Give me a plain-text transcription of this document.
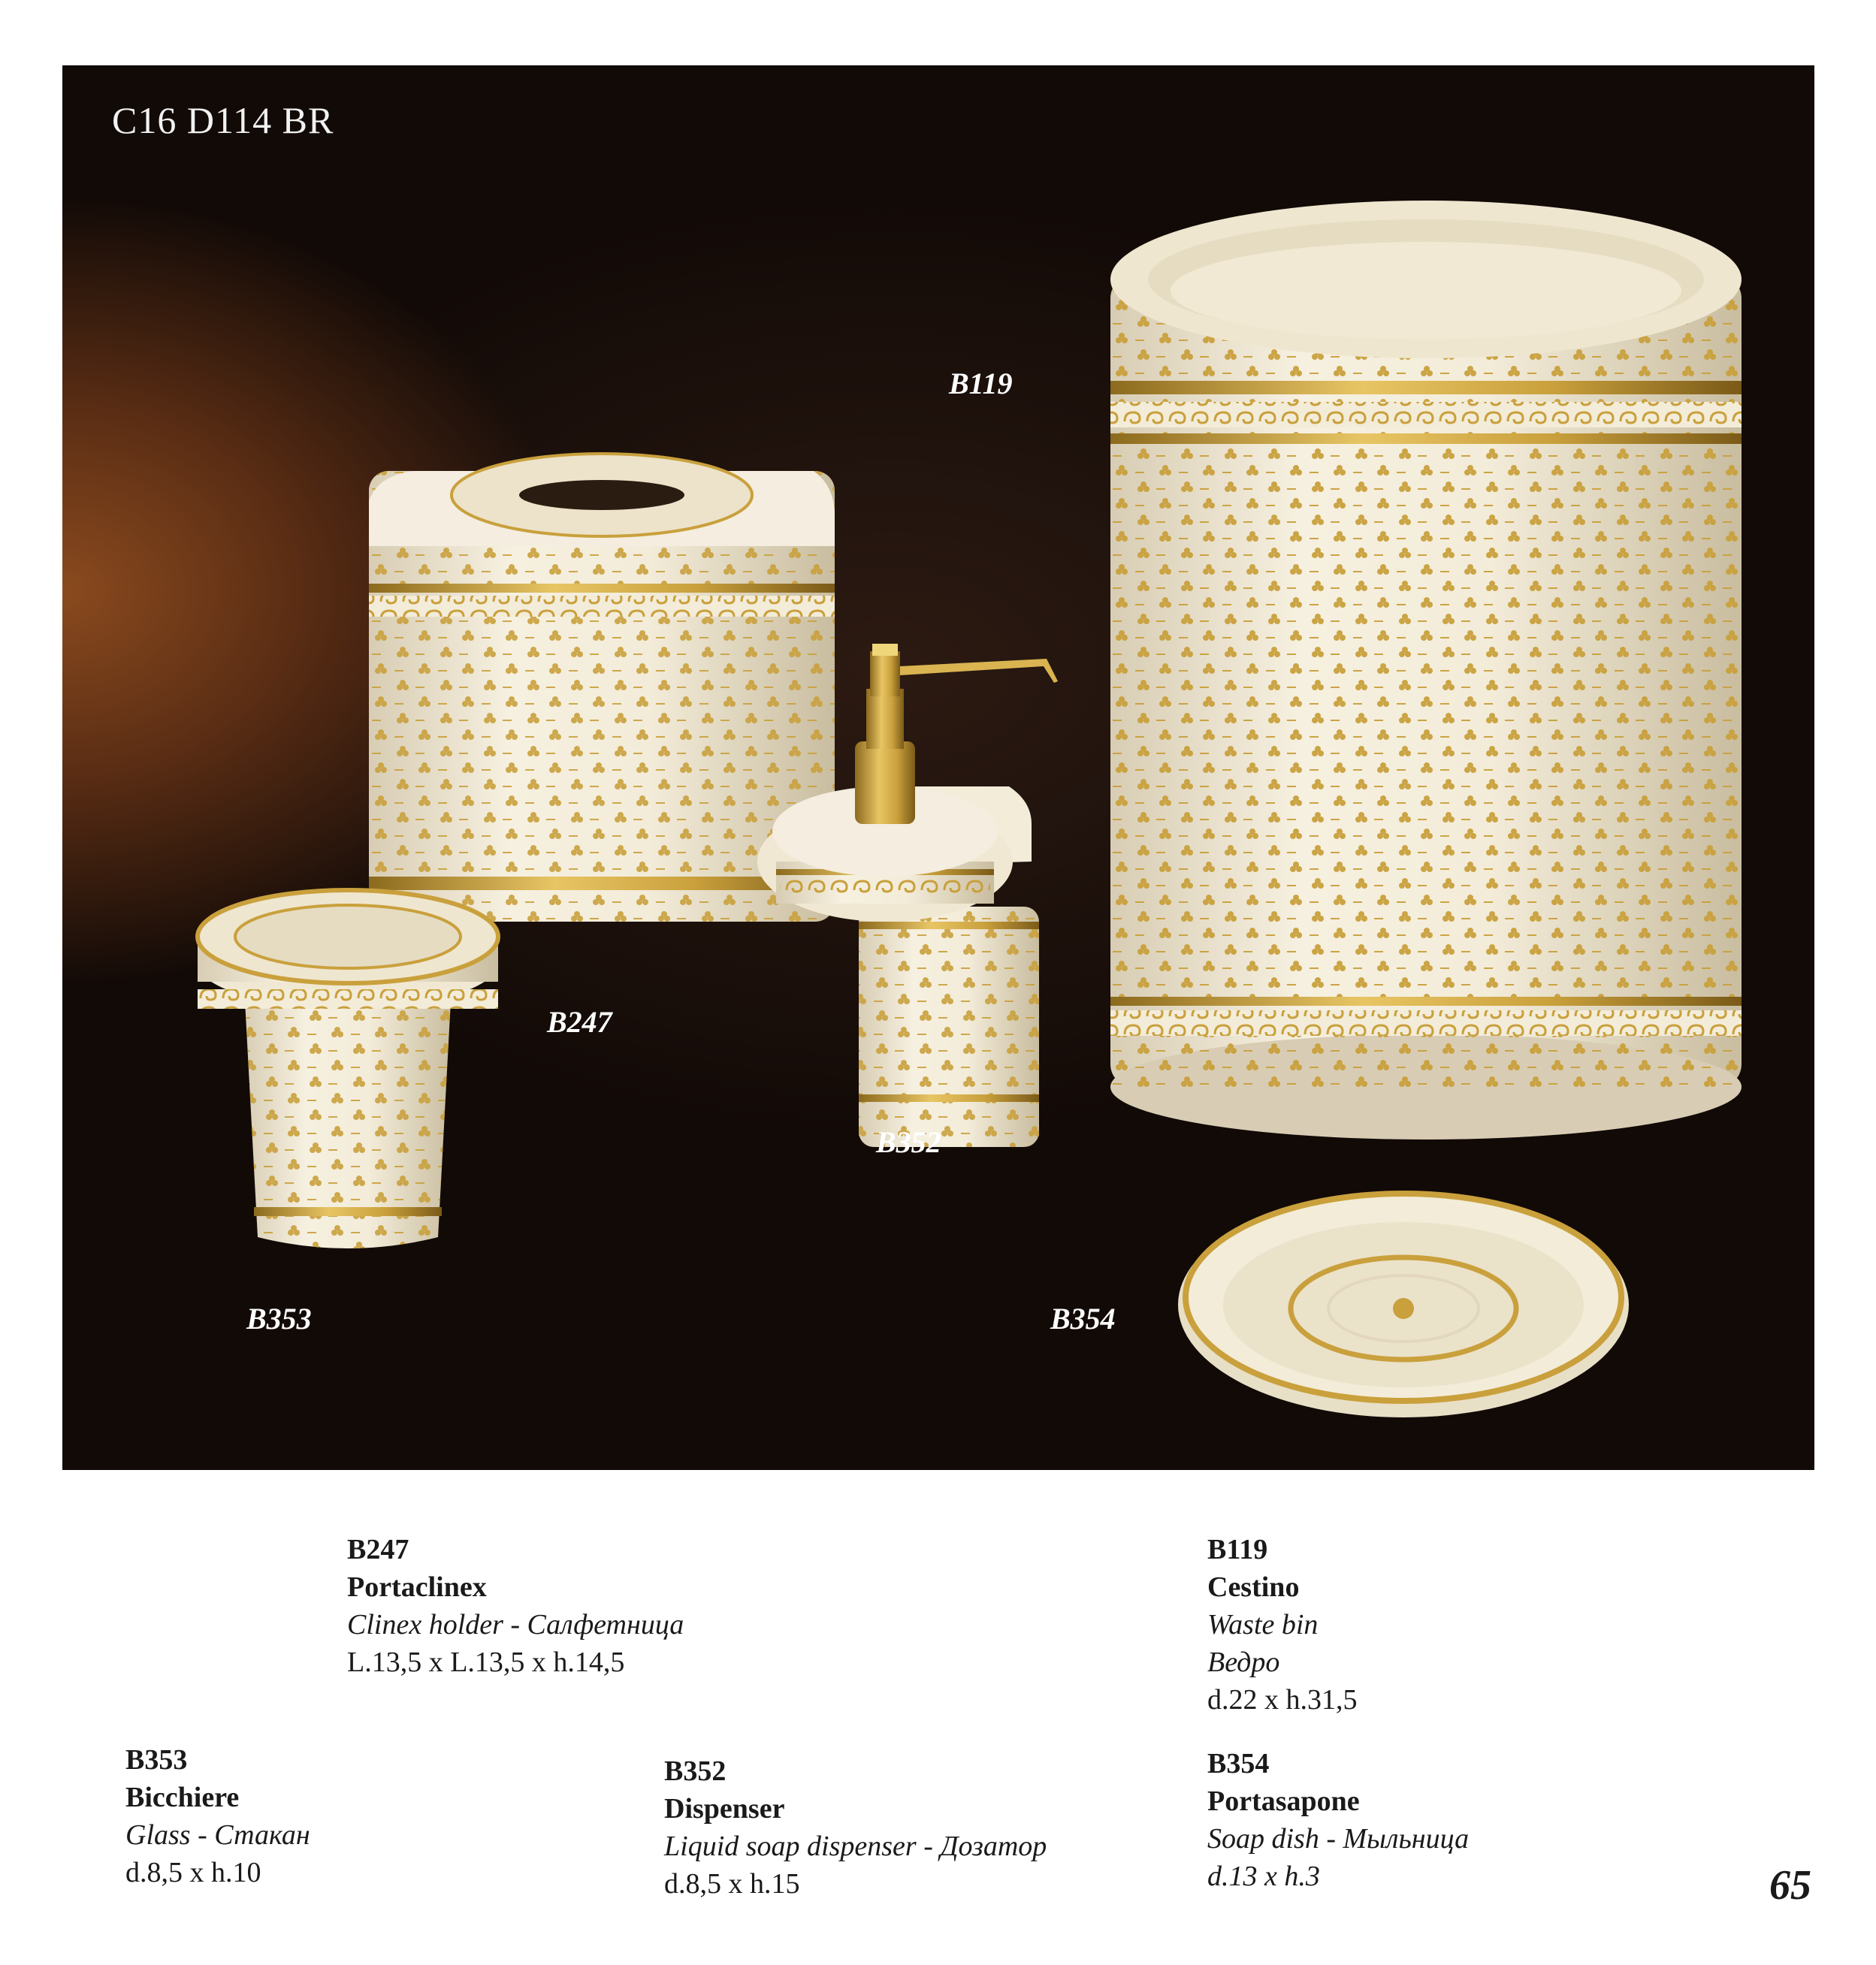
C16 D114 BR
B119
B247
B352
B353	B354
B247
Portaclinex
Clinex holder - Салфетница
L.13,5 x L.13,5 x h.14,5
B119
Cestino
Waste bin
Ведро
d.22 x h.31,5
B353
Bicchiere
Glass - Стакан
d.8,5 x h.10
B352
Dispenser
Liquid soap dispenser - Дозатор
d.8,5 x h.15
B354
Portasapone
Soap dish - Мыльница
d.13 x h.3	65
